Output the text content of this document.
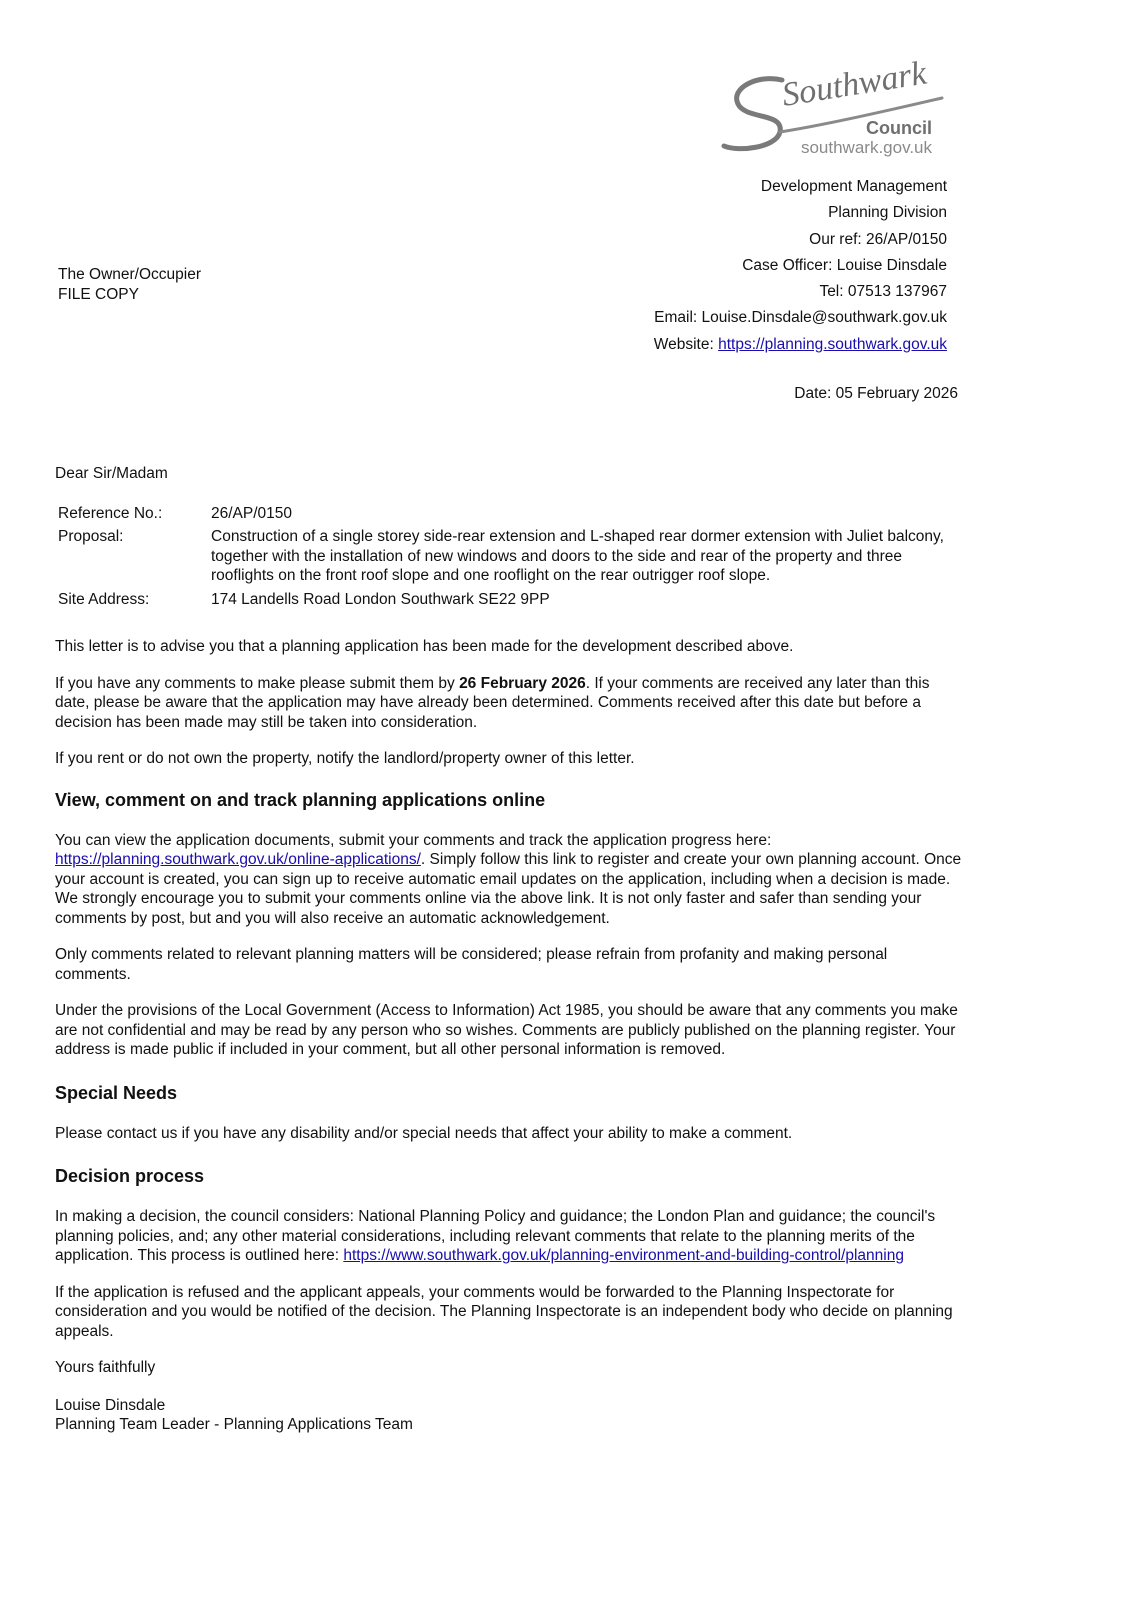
Southwark
Council
southwark.gov.uk
Development Management
Planning Division
Our ref: 26/AP/0150
Case Officer: Louise Dinsdale
Tel: 07513 137967
Email: Louise.Dinsdale@southwark.gov.uk
Website: https://planning.southwark.gov.uk
The Owner/Occupier
FILE COPY
Date: 05 February 2026

Dear Sir/Madam

Reference No.:	26/AP/0150
Proposal:	Construction of a single storey side-rear extension and L-shaped rear dormer extension with Juliet balcony, together with the installation of new windows and doors to the side and rear of the property and three rooflights on the front roof slope and one rooflight on the rear outrigger roof slope.
Site Address:	174 Landells Road London Southwark SE22 9PP

This letter is to advise you that a planning application has been made for the development described above.

If you have any comments to make please submit them by 26 February 2026. If your comments are received any later than this date, please be aware that the application may have already been determined. Comments received after this date but before a decision has been made may still be taken into consideration.

If you rent or do not own the property, notify the landlord/property owner of this letter.

View, comment on and track planning applications online

You can view the application documents, submit your comments and track the application progress here: https://planning.southwark.gov.uk/online-applications/. Simply follow this link to register and create your own planning account. Once your account is created, you can sign up to receive automatic email updates on the application, including when a decision is made. We strongly encourage you to submit your comments online via the above link. It is not only faster and safer than sending your comments by post, but and you will also receive an automatic acknowledgement.

Only comments related to relevant planning matters will be considered; please refrain from profanity and making personal comments.

Under the provisions of the Local Government (Access to Information) Act 1985, you should be aware that any comments you make are not confidential and may be read by any person who so wishes. Comments are publicly published on the planning register. Your address is made public if included in your comment, but all other personal information is removed.

Special Needs

Please contact us if you have any disability and/or special needs that affect your ability to make a comment.

Decision process

In making a decision, the council considers: National Planning Policy and guidance; the London Plan and guidance; the council's planning policies, and; any other material considerations, including relevant comments that relate to the planning merits of the application. This process is outlined here: https://www.southwark.gov.uk/planning-environment-and-building-control/planning

If the application is refused and the applicant appeals, your comments would be forwarded to the Planning Inspectorate for consideration and you would be notified of the decision. The Planning Inspectorate is an independent body who decide on planning appeals.

Yours faithfully

Louise Dinsdale
Planning Team Leader - Planning Applications Team
